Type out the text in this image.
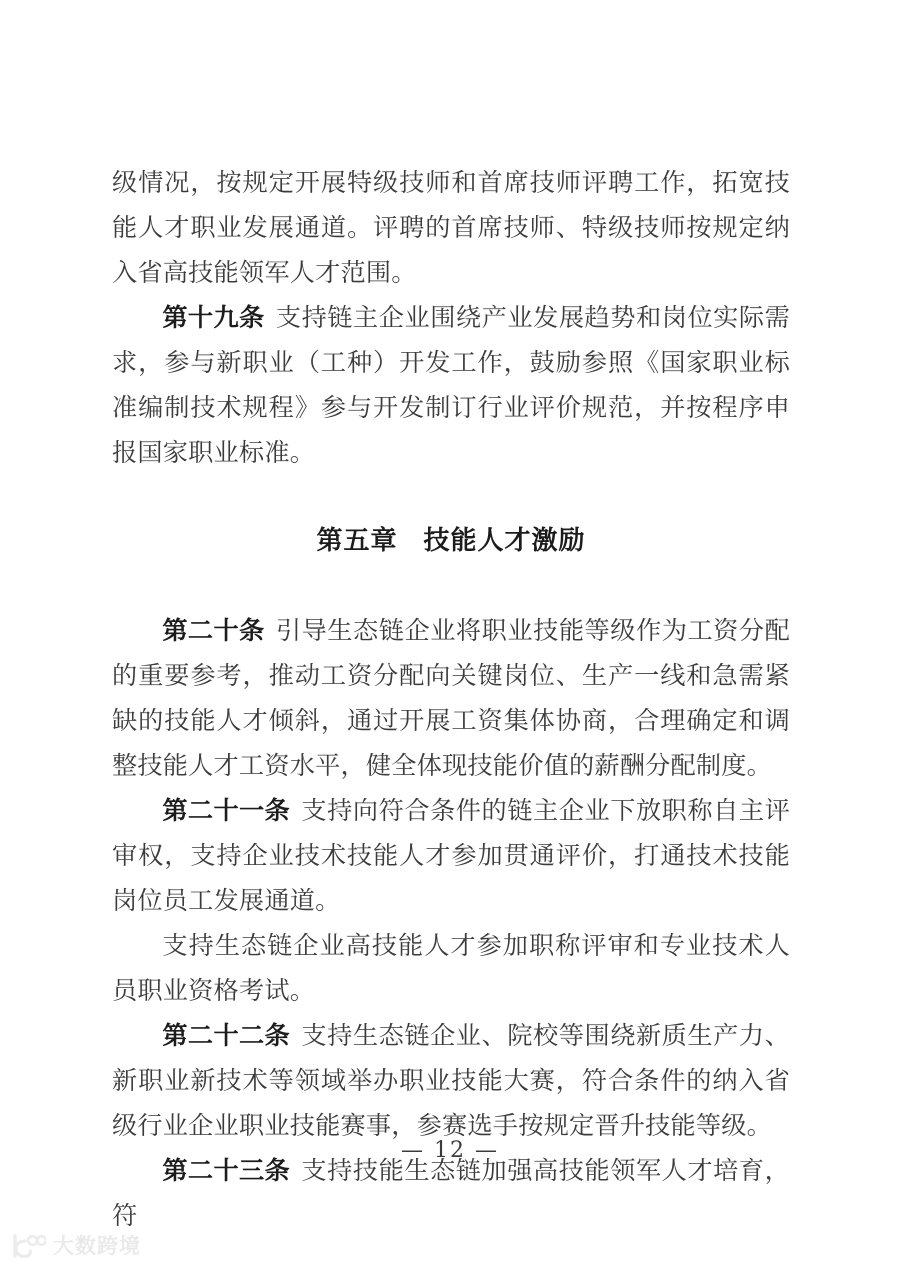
级情况，按规定开展特级技师和首席技师评聘工作，拓宽技能人才职业发展通道。评聘的首席技师、特级技师按规定纳入省高技能领军人才范围。

第十九条 支持链主企业围绕产业发展趋势和岗位实际需求，参与新职业（工种）开发工作，鼓励参照《国家职业标准编制技术规程》参与开发制订行业评价规范，并按程序申报国家职业标准。

第五章 技能人才激励

第二十条 引导生态链企业将职业技能等级作为工资分配的重要参考，推动工资分配向关键岗位、生产一线和急需紧缺的技能人才倾斜，通过开展工资集体协商，合理确定和调整技能人才工资水平，健全体现技能价值的薪酬分配制度。

第二十一条 支持向符合条件的链主企业下放职称自主评审权，支持企业技术技能人才参加贯通评价，打通技术技能岗位员工发展通道。

支持生态链企业高技能人才参加职称评审和专业技术人员职业资格考试。

第二十二条 支持生态链企业、院校等围绕新质生产力、新职业新技术等领域举办职业技能大赛，符合条件的纳入省级行业企业职业技能赛事，参赛选手按规定晋升技能等级。

第二十三条 支持技能生态链加强高技能领军人才培育，符

— 12 —
大数跨境
